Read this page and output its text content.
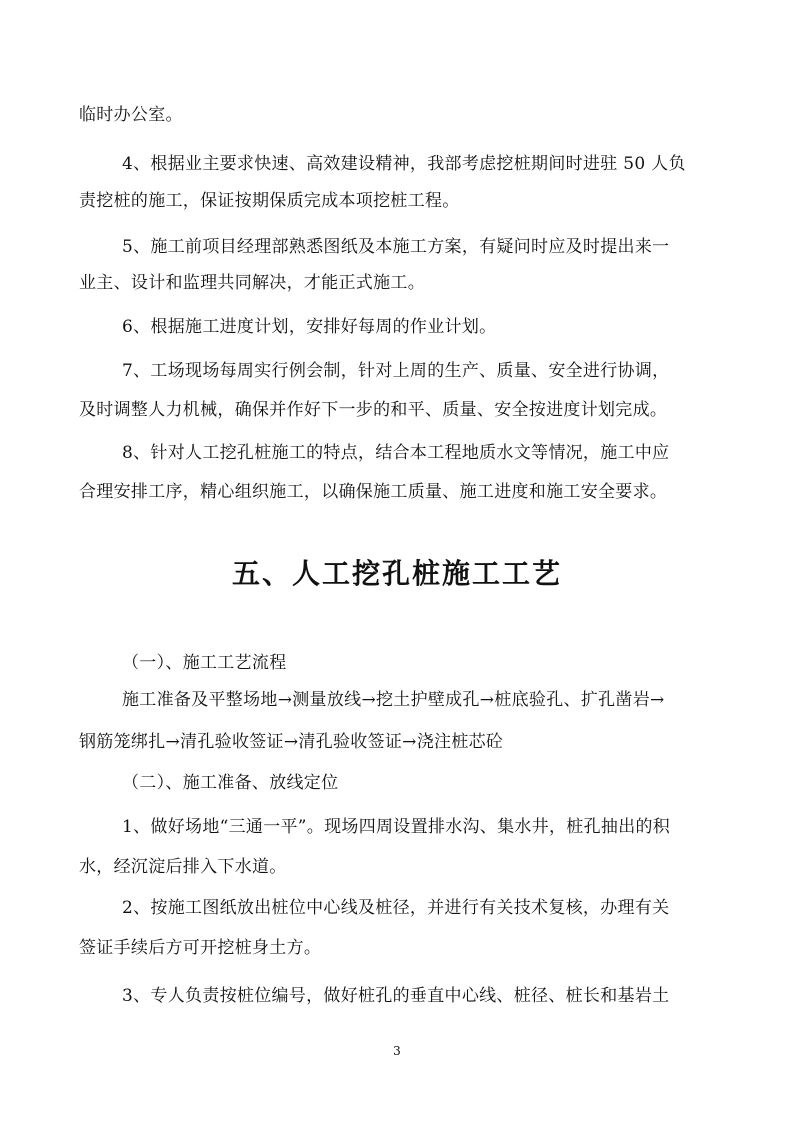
临时办公室。
4、根据业主要求快速、高效建设精神，我部考虑挖桩期间时进驻 50 人负
责挖桩的施工，保证按期保质完成本项挖桩工程。
5、施工前项目经理部熟悉图纸及本施工方案，有疑问时应及时提出来一
业主、设计和监理共同解决，才能正式施工。
6、根据施工进度计划，安排好每周的作业计划。
7、工场现场每周实行例会制，针对上周的生产、质量、安全进行协调，
及时调整人力机械，确保并作好下一步的和平、质量、安全按进度计划完成。
8、针对人工挖孔桩施工的特点，结合本工程地质水文等情况，施工中应
合理安排工序，精心组织施工，以确保施工质量、施工进度和施工安全要求。
五、人工挖孔桩施工工艺
（一）、施工工艺流程
施工准备及平整场地→测量放线→挖土护壁成孔→桩底验孔、扩孔凿岩→
钢筋笼绑扎→清孔验收签证→清孔验收签证→浇注桩芯砼
（二）、施工准备、放线定位
1、做好场地“三通一平”。现场四周设置排水沟、集水井，桩孔抽出的积
水，经沉淀后排入下水道。
2、按施工图纸放出桩位中心线及桩径，并进行有关技术复核，办理有关
签证手续后方可开挖桩身土方。
3、专人负责按桩位编号，做好桩孔的垂直中心线、桩径、桩长和基岩土
3
